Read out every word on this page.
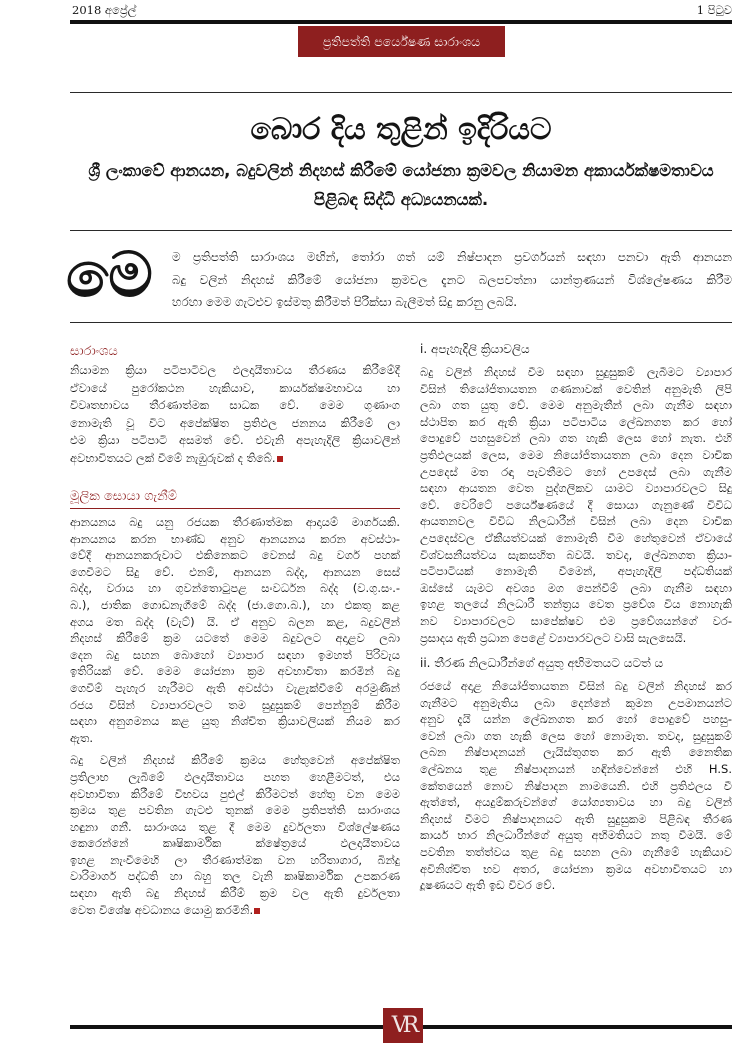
2018 අප්‍රේල්	1 පිටුව
ප්‍රතිපත්ති පර්යේෂණ සාරාංශය
බොර දිය තුළින් ඉදිරියට
ශ්‍රී ලංකාවේ ආනයන, බදුවලින් නිදහස් කිරීමේ යෝජනා ක්‍රමවල නියාමන අකාර්යක්ෂමතාවය
පිළිබඳ සිද්ධි අධ්‍යයනයක්.
මෙ ම ප්‍රතිපත්ති සාරාංශය මඟින්, තෝරා ගත් යම් නිෂ්පාදන ප්‍රවර්ගයන් සඳහා පනවා ඇති ආනයන
බදු වලින් නිදහස් කිරීමේ යෝජනා ක්‍රමවල දැනට බලපවත්නා යාන්ත්‍රණයන් විශ්ලේෂණය කිරීම
හරහා මෙම ගැටළුව ඉස්මතු කිරීමත් පිරික්සා බැලීමත් සිදු කරනු ලබයි.
සාරාංශය
නියාමන ක්‍රියා පටිපාටිවල ඵලදායීතාවය තීරණය කිරීමේදී
ඒවායේ පුරෝකථන හැකියාව, කාර්යක්ෂමභාවය හා
විවෘතභාවය තීරණාත්මක සාධක වේ. මෙම ගුණාංග
නොමැති වූ විට අපේක්ෂිත ප්‍රතිඵල ජනනය කිරීමේ ලා
එම ක්‍රියා පටිපාටි අසමත් වේ. එවැනි අපැහැදිලි ක්‍රියාවලීන්
අවභාවිතයට ලක් වීමේ නැඹුරුවක් ද තිබේ.
මූලික සොයා ගැනීම්
ආනයනය බදු යනු රජයක තීරණාත්මක ආදායම් මාර්ගයකි.
ආනයනය කරන භාණ්ඩ අනුව ආනයනය කරන අවස්ථා-
වේදී ආනයනකරුවාට එකිනෙකට වෙනස් බදු වර්ග පහක්
ගෙවීමට සිදු වේ. එනම්, ආනයන බද්ද, ආනයන සෙස්
බද්ද, වරාය හා ගුවන්තොටුපළ සංවර්ධන බද්ද (ව.ගු.සං.-
බ.), ජාතික ගොඩනැගීමේ බද්ද (ජා.ගො.බ.), හා එකතු කළ
අගය මත බද්ද (වැට්) යි. ඒ අනුව බලන කළ, බදුවලින්
නිදහස් කිරීමේ ක්‍රම යටතේ මෙම බදුවලට අදාළව ලබා
දෙන බදු සහන බොහෝ ව්‍යාපාර සඳහා ඉමහත් පිරිවැය
ඉතිරියක් වේ. මෙම යෝජනා ක්‍රම අවභාවිතා කරමින් බදු
ගෙවීම් පැහැර හැරීමට ඇති අවස්ථා වැළැක්වීමේ අරමුණින්
රජය විසින් ව්‍යාපාරවලට තම සුදුසුකම් පෙන්නුම් කිරීම
සඳහා අනුගමනය කළ යුතු නිශ්චිත ක්‍රියාවලියක් නියම කර
ඇත.
බදු වලින් නිදහස් කිරීමේ ක්‍රමය හේතුවෙන් අපේක්ෂිත
ප්‍රතිලාභ ලැබීමේ ඵලදායීතාවය පහත හෙළීමටත්, එය
අවභාවිතා කිරීමේ විභවය පුළුල් කිරීමටත් හේතු වන මෙම
ක්‍රමය තුළ පවතින ගැටළු තුනක් මෙම ප්‍රතිපත්ති සාරාංශය
හඳුනා ගනී. සාරාංශය තුළ දී මෙම දුර්වලතා විශ්ලේෂණය
කෙරෙන්නේ කෘෂිකාර්මික ක්ෂේත්‍රයේ ඵලදායීතාවය
ඉහළ නැංවීමෙහි ලා තීරණාත්මක වන හරිතාගාර, බින්දු
වාරිමාර්ග පද්ධති හා බහු තල වැනි කෘෂිකාර්මික උපකරණ
සඳහා ඇති බදු නිදහස් කිරීම් ක්‍රම වල ඇති දුර්වලතා
වෙත විශේෂ අවධානය යොමු කරමිනි.
i. අපැහැදිලි ක්‍රියාවලිය
බදු වලින් නිදහස් වීම සඳහා සුදුසුකම් ලැබීමට ව්‍යාපාර
විසින් තියෝජිතායතන ගණනාවක් වෙතින් අනුමැති ලිපි
ලබා ගත යුතු වේ. මෙම අනුමැතීන් ලබා ගැනීම සඳහා
ස්ථාපිත කර ඇති ක්‍රියා පටිපාටිය ලේඛනගත කර හෝ
පොදුවේ පහසුවෙන් ලබා ගත හැකි ලෙස හෝ නැත. එහි
ප්‍රතිඵලයක් ලෙස, මෙම නියෝජිතායතන ලබා දෙන වාචික
උපදෙස් මත රඳා පැවතීමට හෝ උපදෙස් ලබා ගැනීම
සඳහා ආයතන වෙත පුද්ගලිකව යාමට ව්‍යාපාරවලට සිදු
වේ. වෙරිටේ පර්යේෂණයේ දී සොයා ගැනුණේ විවිධ
ආයතනවල විවිධ නිලධාරීන් විසින් ලබා දෙන වාචික
උපදෙස්වල ඒකීයත්වයක් නොමැති වීම හේතුවෙන් ඒවායේ
විශ්වසනීයත්වය සැකසහිත බවයි. තවද, ලේඛනගත ක්‍රියා-
පටිපාටියක් නොමැති වීමෙන්, අපැහැදිලි පද්ධතියක්
ඔස්සේ යැමට අවශ්‍ය මග පෙන්වීම් ලබා ගැනීම සඳහා
ඉහළ තලයේ නිලධාරී තන්ත්‍රය වෙත ප්‍රවේශ විය නොහැකි
නව ව්‍යාපාරවලට සාපේක්ෂව එම ප්‍රවේශයන්ගේ වර-
ප්‍රසාදය ඇති ප්‍රධාන පෙළේ ව්‍යාපාරවලට වාසි සැලසෙයි.
ii. තීරණ නිලධාරීන්ගේ අයුතු අභිමතයට යටත් ය
රජයේ අදාළ නියෝජිතායතන විසින් බදු වලින් නිදහස් කර
ගැනීමට අනුමැතිය ලබා දෙන්නේ කුමන උපමානයන්ට
අනුව දැයි යන්න ලේඛනගත කර හෝ පොදුවේ පහසු-
වෙන් ලබා ගත හැකි ලෙස හෝ නොමැත. තවද, සුදුසුකම්
ලබන නිෂ්පාදනයන් ලැයිස්තුගත කර ඇති නෛතික
ලේඛනය තුළ නිෂ්පාදනයන් හඳින්වෙන්නේ එහි H.S.
කේතයෙන් නොව නිෂ්පාදන නාමයෙනි. එහි ප්‍රතිඵලය වී
ඇත්තේ, අයදුම්කරුවන්ගේ යෝග්‍යතාවය හා බදු වලින්
නිදහස් වීමට නිෂ්පාදනයට ඇති සුදුසුකම පිළිබඳ තීරණ
කාර්ය භාර නිලධාරීන්ගේ අයුතු අභිමතියට නතු වීමයි. මේ
පවතින තත්ත්වය තුළ බදු සහන ලබා ගැනීමේ හැකියාව
අවිනිශ්චිත භව අතර, යෝජනා ක්‍රමය අවභාවිතයට හා
දූෂණයට ඇති ඉඩ විවර වේ.
VR
